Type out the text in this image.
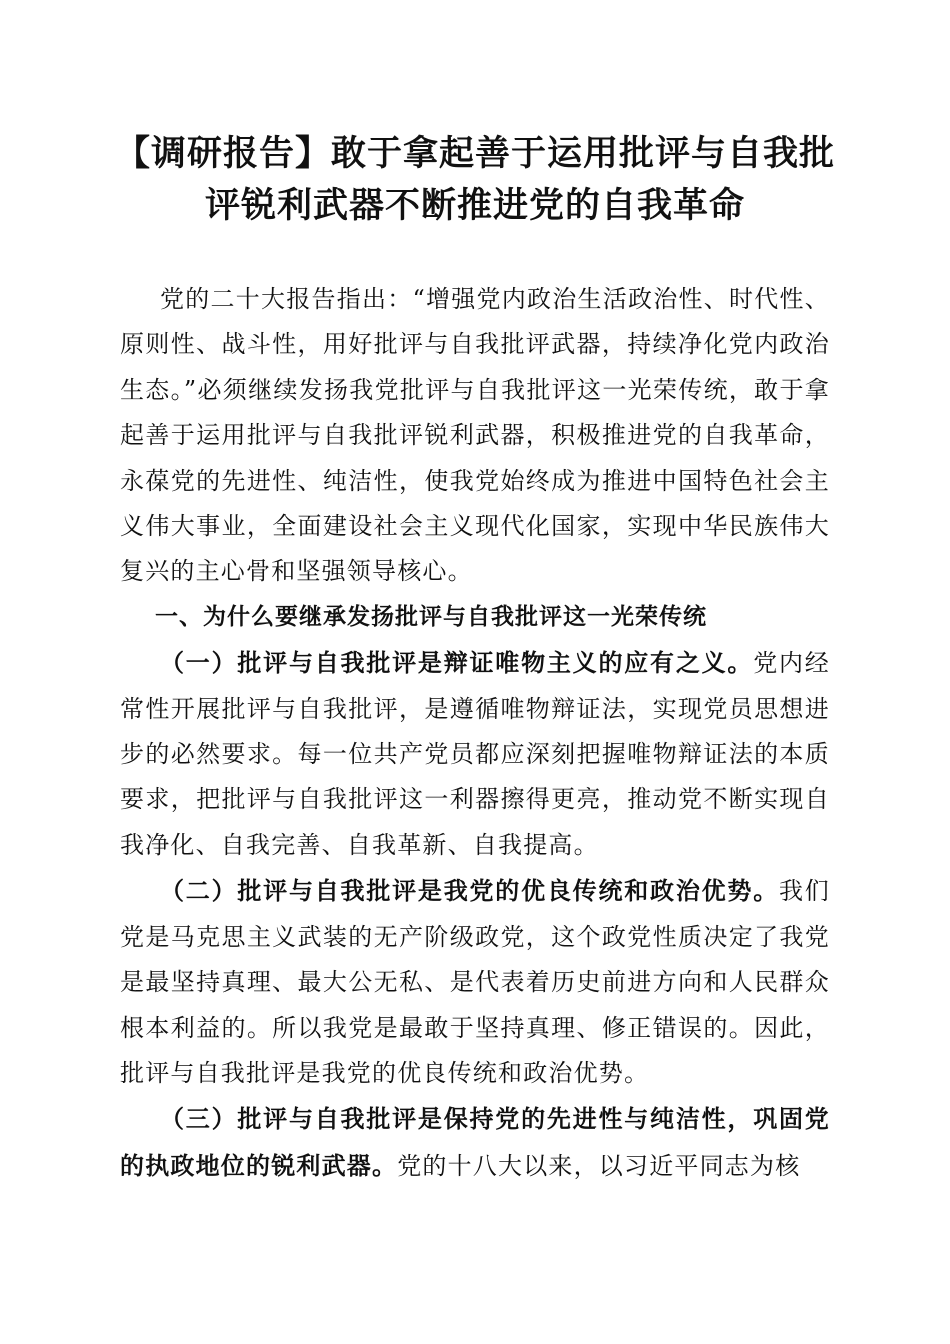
【调研报告】敢于拿起善于运用批评与自我批
评锐利武器不断推进党的自我革命

党的二十大报告指出：“增强党内政治生活政治性、时代性、原则性、战斗性，用好批评与自我批评武器，持续净化党内政治生态。”必须继续发扬我党批评与自我批评这一光荣传统，敢于拿起善于运用批评与自我批评锐利武器，积极推进党的自我革命，永葆党的先进性、纯洁性，使我党始终成为推进中国特色社会主义伟大事业，全面建设社会主义现代化国家，实现中华民族伟大复兴的主心骨和坚强领导核心。

一、为什么要继承发扬批评与自我批评这一光荣传统

（一）批评与自我批评是辩证唯物主义的应有之义。党内经常性开展批评与自我批评，是遵循唯物辩证法，实现党员思想进步的必然要求。每一位共产党员都应深刻把握唯物辩证法的本质要求，把批评与自我批评这一利器擦得更亮，推动党不断实现自我净化、自我完善、自我革新、自我提高。

（二）批评与自我批评是我党的优良传统和政治优势。我们党是马克思主义武装的无产阶级政党，这个政党性质决定了我党是最坚持真理、最大公无私、是代表着历史前进方向和人民群众根本利益的。所以我党是最敢于坚持真理、修正错误的。因此，批评与自我批评是我党的优良传统和政治优势。

（三）批评与自我批评是保持党的先进性与纯洁性，巩固党的执政地位的锐利武器。党的十八大以来，以习近平同志为核
